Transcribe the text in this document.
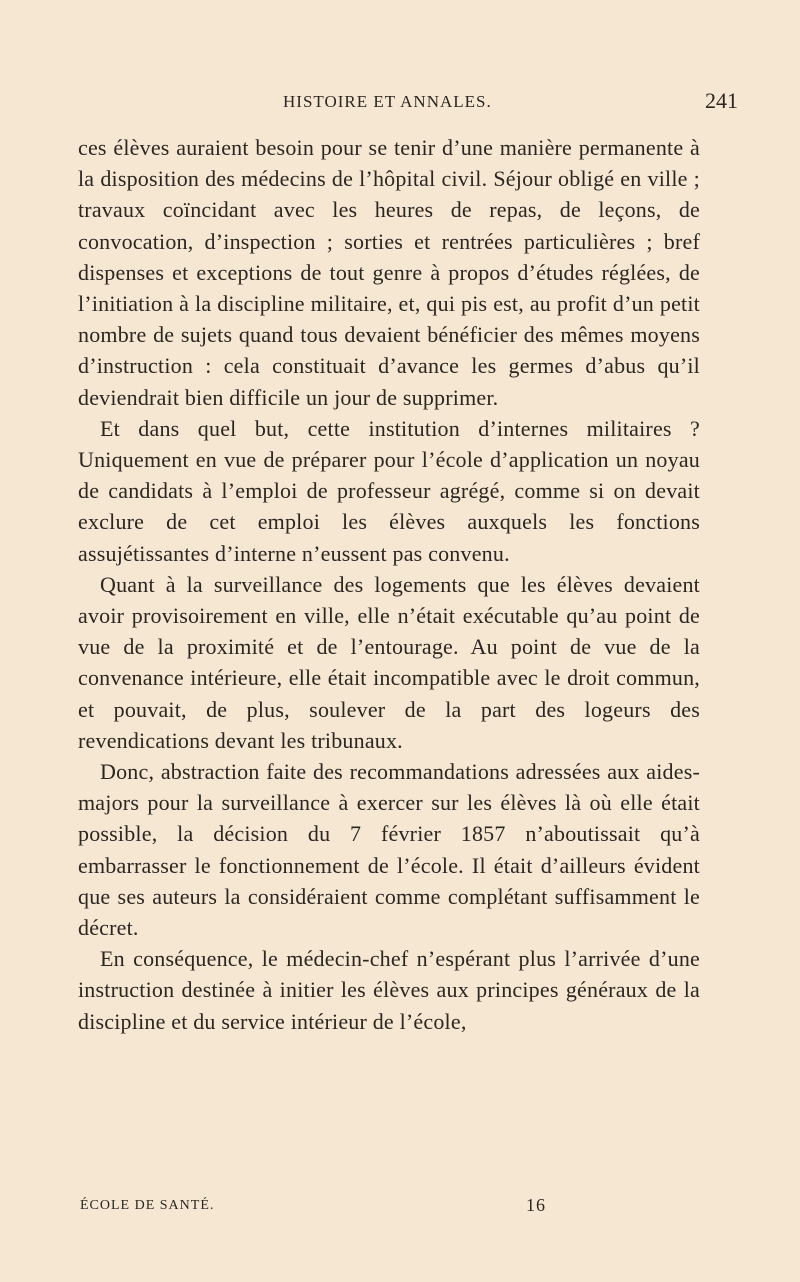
HISTOIRE ET ANNALES.	241

ces élèves auraient besoin pour se tenir d’une manière permanente à la disposition des médecins de l’hôpital civil. Séjour obligé en ville ; travaux coïncidant avec les heures de repas, de leçons, de convocation, d’inspection ; sorties et rentrées particulières ; bref dispenses et exceptions de tout genre à propos d’études réglées, de l’initiation à la discipline militaire, et, qui pis est, au profit d’un petit nombre de sujets quand tous devaient bénéficier des mêmes moyens d’instruction : cela constituait d’avance les germes d’abus qu’il deviendrait bien difficile un jour de supprimer.

Et dans quel but, cette institution d’internes militaires ? Uniquement en vue de préparer pour l’école d’application un noyau de candidats à l’emploi de professeur agrégé, comme si on devait exclure de cet emploi les élèves auxquels les fonctions assujétissantes d’interne n’eussent pas convenu.

Quant à la surveillance des logements que les élèves devaient avoir provisoirement en ville, elle n’était exécutable qu’au point de vue de la proximité et de l’entourage. Au point de vue de la convenance intérieure, elle était incompatible avec le droit commun, et pouvait, de plus, soulever de la part des logeurs des revendications devant les tribunaux.

Donc, abstraction faite des recommandations adressées aux aides-majors pour la surveillance à exercer sur les élèves là où elle était possible, la décision du 7 février 1857 n’aboutissait qu’à embarrasser le fonctionnement de l’école. Il était d’ailleurs évident que ses auteurs la considéraient comme complétant suffisamment le décret.

En conséquence, le médecin-chef n’espérant plus l’arrivée d’une instruction destinée à initier les élèves aux principes généraux de la discipline et du service intérieur de l’école,

ÉCOLE DE SANTÉ.	16
